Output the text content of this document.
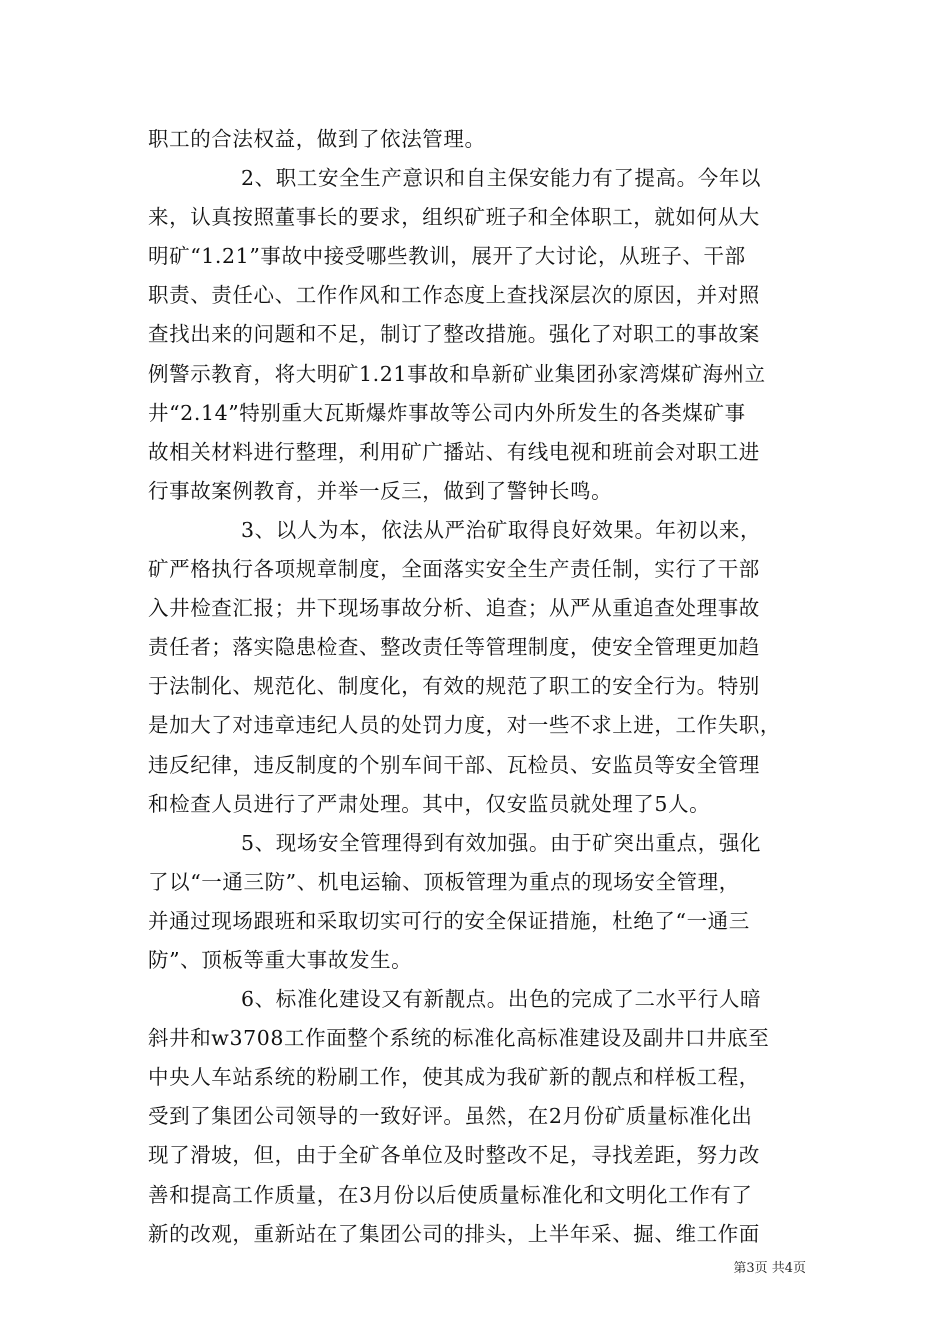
职工的合法权益，做到了依法管理。
2、职工安全生产意识和自主保安能力有了提高。今年以
来，认真按照董事长的要求，组织矿班子和全体职工，就如何从大
明矿“1.21”事故中接受哪些教训，展开了大讨论，从班子、干部
职责、责任心、工作作风和工作态度上查找深层次的原因，并对照
查找出来的问题和不足，制订了整改措施。强化了对职工的事故案
例警示教育，将大明矿1.21事故和阜新矿业集团孙家湾煤矿海州立
井“2.14”特别重大瓦斯爆炸事故等公司内外所发生的各类煤矿事
故相关材料进行整理，利用矿广播站、有线电视和班前会对职工进
行事故案例教育，并举一反三，做到了警钟长鸣。
3、以人为本，依法从严治矿取得良好效果。年初以来，
矿严格执行各项规章制度，全面落实安全生产责任制，实行了干部
入井检查汇报；井下现场事故分析、追查；从严从重追查处理事故
责任者；落实隐患检查、整改责任等管理制度，使安全管理更加趋
于法制化、规范化、制度化，有效的规范了职工的安全行为。特别
是加大了对违章违纪人员的处罚力度，对一些不求上进，工作失职，
违反纪律，违反制度的个别车间干部、瓦检员、安监员等安全管理
和检查人员进行了严肃处理。其中，仅安监员就处理了5人。
5、现场安全管理得到有效加强。由于矿突出重点，强化
了以“一通三防”、机电运输、顶板管理为重点的现场安全管理，
并通过现场跟班和采取切实可行的安全保证措施，杜绝了“一通三
防”、顶板等重大事故发生。
6、标准化建设又有新靓点。出色的完成了二水平行人暗
斜井和w3708工作面整个系统的标准化高标准建设及副井口井底至
中央人车站系统的粉刷工作，使其成为我矿新的靓点和样板工程，
受到了集团公司领导的一致好评。虽然，在2月份矿质量标准化出
现了滑坡，但，由于全矿各单位及时整改不足，寻找差距，努力改
善和提高工作质量，在3月份以后使质量标准化和文明化工作有了
新的改观，重新站在了集团公司的排头，上半年采、掘、维工作面
第3页 共4页
